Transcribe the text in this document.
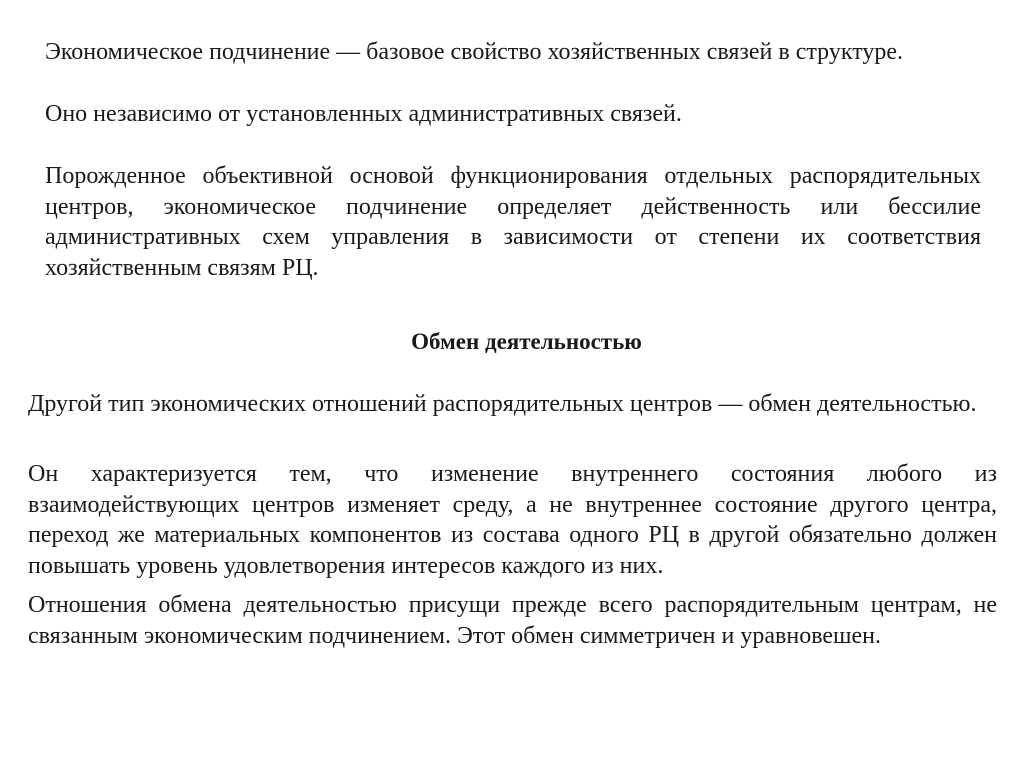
Экономическое подчинение — базовое свойство хозяйственных связей в структуре.

Оно независимо от установленных административных связей.

Порожденное объективной основой функционирования отдельных распорядительных центров, экономическое подчинение определяет действенность или бессилие административных схем управления в зависимости от степени их соответствия хозяйственным связям РЦ.

Обмен деятельностью

Другой тип экономических отношений распорядительных центров — обмен деятельностью.

Он характеризуется тем, что изменение внутреннего состояния любого из взаимодействующих центров изменяет среду, а не внутреннее состояние другого центра, переход же материальных компонентов из состава одного РЦ в другой обязательно должен повышать уровень удовлетворения интересов каждого из них.

Отношения обмена деятельностью присущи прежде всего распорядительным центрам, не связанным экономическим подчинением. Этот обмен симметричен и уравновешен.
